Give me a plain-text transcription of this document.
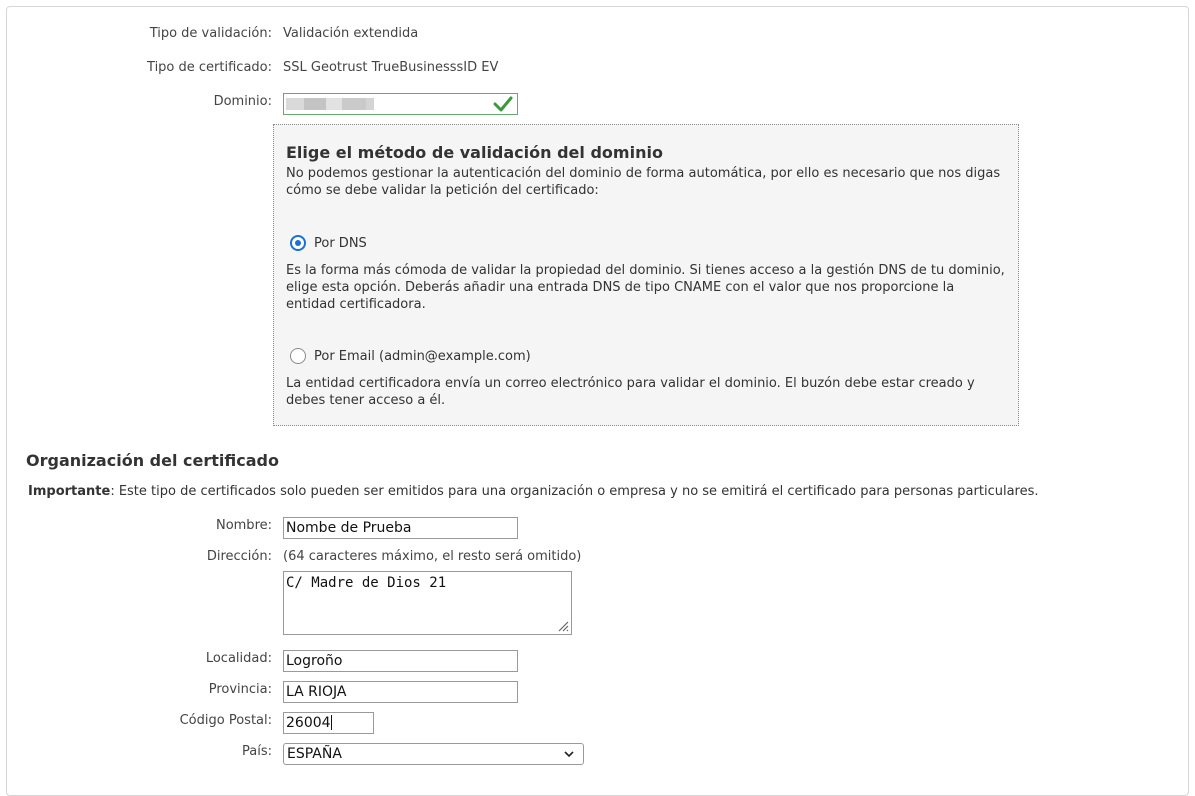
Tipo de validación: Validación extendida
Tipo de certificado: SSL Geotrust TrueBusinesssID EV
Dominio:
Elige el método de validación del dominio
No podemos gestionar la autenticación del dominio de forma automática, por ello es necesario que nos digas cómo se debe validar la petición del certificado:
Por DNS
Es la forma más cómoda de validar la propiedad del dominio. Si tienes acceso a la gestión DNS de tu dominio, elige esta opción. Deberás añadir una entrada DNS de tipo CNAME con el valor que nos proporcione la entidad certificadora.
Por Email (admin@example.com)
La entidad certificadora envía un correo electrónico para validar el dominio. El buzón debe estar creado y debes tener acceso a él.
Organización del certificado
Importante: Este tipo de certificados solo pueden ser emitidos para una organización o empresa y no se emitirá el certificado para personas particulares.
Nombre: Nombe de Prueba
Dirección: (64 caracteres máximo, el resto será omitido)
C/ Madre de Dios 21
Localidad: Logroño
Provincia: LA RIOJA
Código Postal: 26004
País: ESPAÑA
